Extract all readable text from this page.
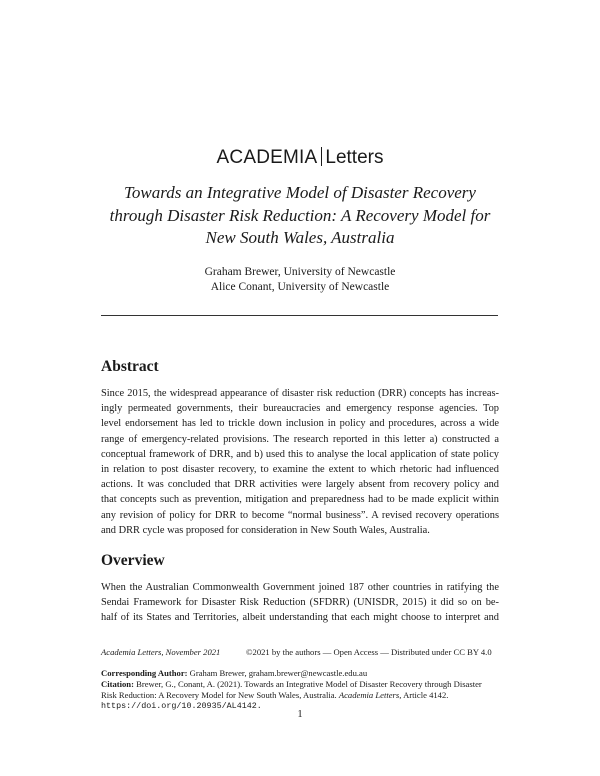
ACADEMIA Letters
Towards an Integrative Model of Disaster Recovery
through Disaster Risk Reduction: A Recovery Model for
New South Wales, Australia
Graham Brewer, University of Newcastle
Alice Conant, University of Newcastle
Abstract
Since 2015, the widespread appearance of disaster risk reduction (DRR) concepts has increas-
ingly permeated governments, their bureaucracies and emergency response agencies. Top
level endorsement has led to trickle down inclusion in policy and procedures, across a wide
range of emergency-related provisions. The research reported in this letter a) constructed a
conceptual framework of DRR, and b) used this to analyse the local application of state policy
in relation to post disaster recovery, to examine the extent to which rhetoric had influenced
actions. It was concluded that DRR activities were largely absent from recovery policy and
that concepts such as prevention, mitigation and preparedness had to be made explicit within
any revision of policy for DRR to become “normal business”. A revised recovery operations
and DRR cycle was proposed for consideration in New South Wales, Australia.
Overview
When the Australian Commonwealth Government joined 187 other countries in ratifying the
Sendai Framework for Disaster Risk Reduction (SFDRR) (UNISDR, 2015) it did so on be-
half of its States and Territories, albeit understanding that each might choose to interpret and
Academia Letters, November 2021	©2021 by the authors — Open Access — Distributed under CC BY 4.0
Corresponding Author: Graham Brewer, graham.brewer@newcastle.edu.au
Citation: Brewer, G., Conant, A. (2021). Towards an Integrative Model of Disaster Recovery through Disaster
Risk Reduction: A Recovery Model for New South Wales, Australia. Academia Letters, Article 4142.
https://doi.org/10.20935/AL4142.
1
